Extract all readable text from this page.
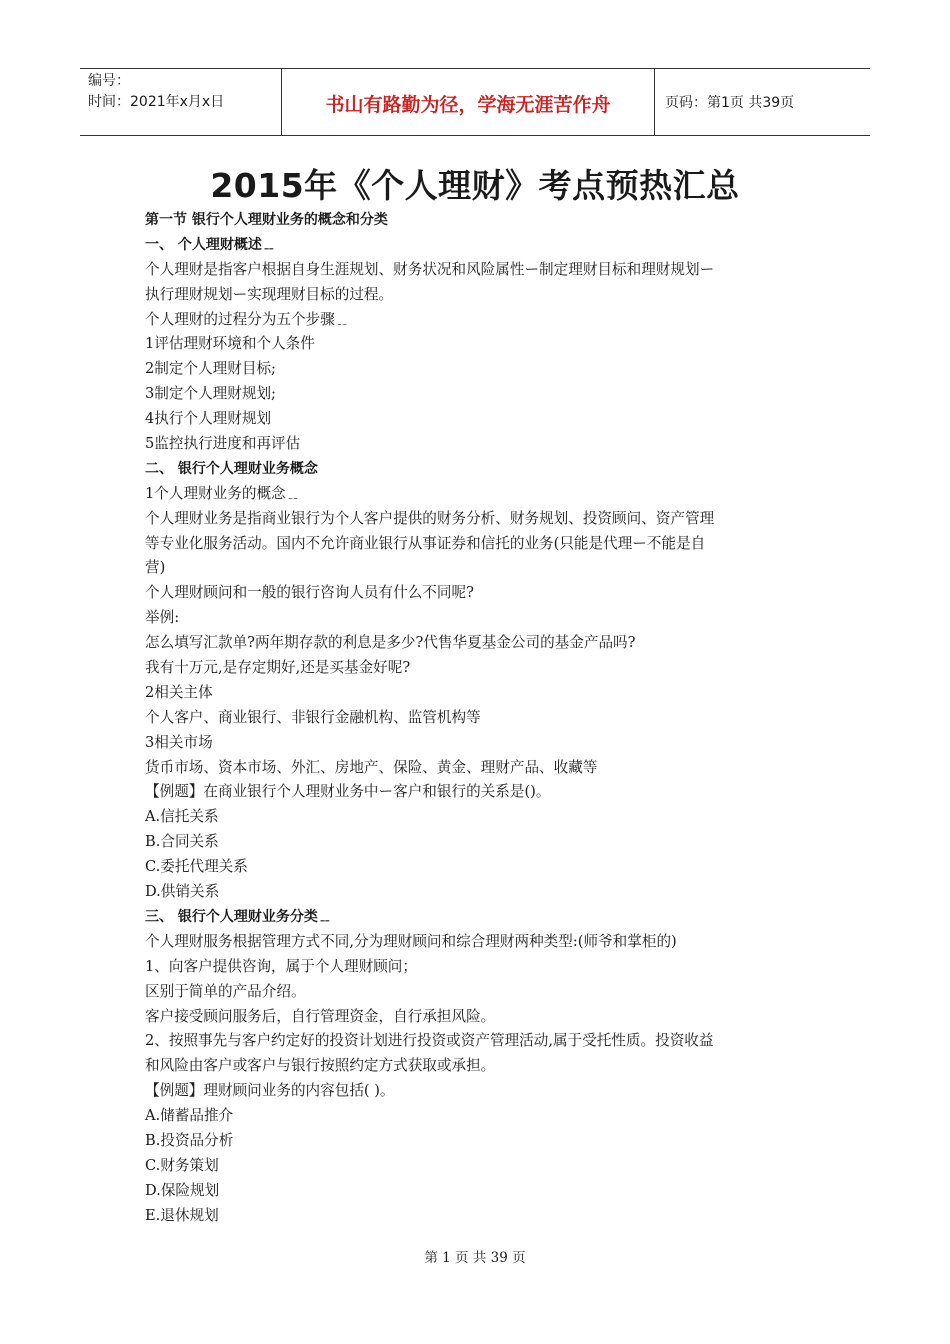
编号：
时间：2021年x月x日	书山有路勤为径，学海无涯苦作舟	页码：第1页 共39页
2015年《个人理财》考点预热汇总
第一节 银行个人理财业务的概念和分类
一、 个人理财概述﹎
个人理财是指客户根据自身生涯规划、财务状况和风险属性ー制定理财目标和理财规划ー
执行理财规划ー实现理财目标的过程。
个人理财的过程分为五个步骤﹎
1评估理财环境和个人条件
2制定个人理财目标;
3制定个人理财规划;
4执行个人理财规划
5监控执行进度和再评估
二、 银行个人理财业务概念
1个人理财业务的概念﹎
个人理财业务是指商业银行为个人客户提供的财务分析、财务规划、投资顾问、资产管理
等专业化服务活动。国内不允许商业银行从事证券和信托的业务(只能是代理ー不能是自
营)
个人理财顾问和一般的银行咨询人员有什么不同呢?
举例:
怎么填写汇款单?两年期存款的利息是多少?代售华夏基金公司的基金产品吗?
我有十万元,是存定期好,还是买基金好呢?
2相关主体
个人客户、商业银行、非银行金融机构、监管机构等
3相关市场
货币市场、资本市场、外汇、房地产、保险、黄金、理财产品、收藏等
【例题】在商业银行个人理财业务中ー客户和银行的关系是()。
A.信托关系
B.合同关系
C.委托代理关系
D.供销关系
三、 银行个人理财业务分类﹎
个人理财服务根据管理方式不同,分为理财顾问和综合理财两种类型:(师爷和掌柜的)
1、向客户提供咨询，属于个人理财顾问；
区别于简单的产品介绍。
客户接受顾问服务后，自行管理资金，自行承担风险。
2、按照事先与客户约定好的投资计划进行投资或资产管理活动,属于受托性质。投资收益
和风险由客户或客户与银行按照约定方式获取或承担。
【例题】理财顾问业务的内容包括( )。
A.储蓄品推介
B.投资品分析
C.财务策划
D.保险规划
E.退休规划
第 1 页 共 39 页
